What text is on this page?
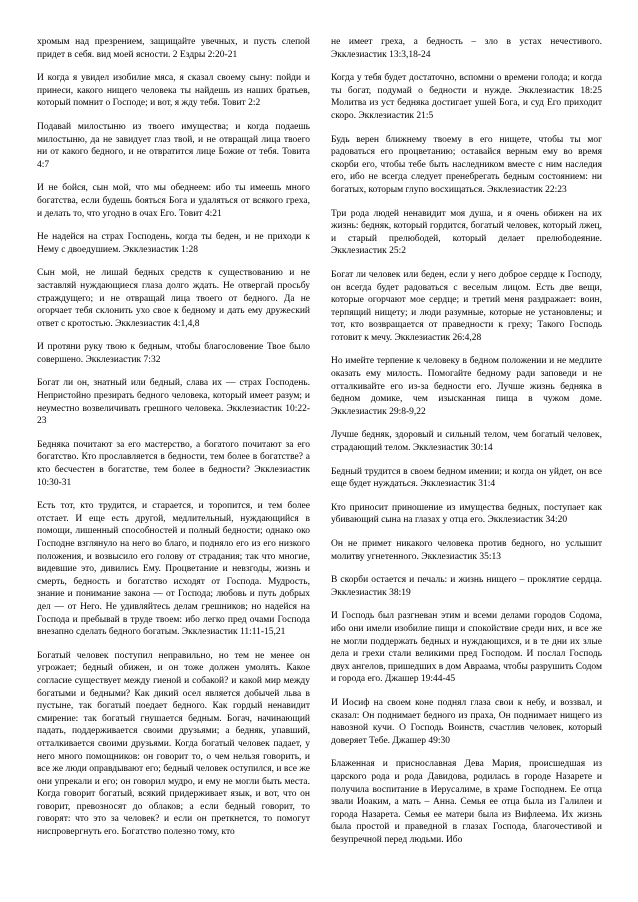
хромым над презрением, защищайте увечных, и пусть слепой придет в себя. вид моей ясности. 2 Ездры 2:20-21

И когда я увидел изобилие мяса, я сказал своему сыну: пойди и принеси, какого нищего человека ты найдешь из наших братьев, который помнит о Господе; и вот, я жду тебя. Товит 2:2

Подавай милостыню из твоего имущества; и когда подаешь милостыню, да не завидует глаз твой, и не отвращай лица твоего ни от какого бедного, и не отвратится лице Божие от тебя. Товита 4:7

И не бойся, сын мой, что мы обеднеем: ибо ты имеешь много богатства, если будешь бояться Бога и удаляться от всякого греха, и делать то, что угодно в очах Его. Товит 4:21

Не надейся на страх Господень, когда ты беден, и не приходи к Нему с двоедушием. Экклезиастик 1:28

Сын мой, не лишай бедных средств к существованию и не заставляй нуждающиеся глаза долго ждать. Не отвергай просьбу страждущего; и не отвращай лица твоего от бедного. Да не огорчает тебя склонить ухо свое к бедному и дать ему дружеский ответ с кротостью. Экклезиастик 4:1,4,8

И протяни руку твою к бедным, чтобы благословение Твое было совершено. Экклезиастик 7:32

Богат ли он, знатный или бедный, слава их — страх Господень. Непристойно презирать бедного человека, который имеет разум; и неуместно возвеличивать грешного человека. Экклезиастик 10:22-23

Бедняка почитают за его мастерство, а богатого почитают за его богатство. Кто прославляется в бедности, тем более в богатстве? а кто бесчестен в богатстве, тем более в бедности? Экклезиастик 10:30-31

Есть тот, кто трудится, и старается, и торопится, и тем более отстает. И еще есть другой, медлительный, нуждающийся в помощи, лишенный способностей и полный бедности; однако око Господне взглянуло на него во благо, и подняло его из его низкого положения, и возвысило его голову от страдания; так что многие, видевшие это, дивились Ему. Процветание и невзгоды, жизнь и смерть, бедность и богатство исходят от Господа. Мудрость, знание и понимание закона — от Господа; любовь и путь добрых дел — от Него. Не удивляйтесь делам грешников; но надейся на Господа и пребывай в труде твоем: ибо легко пред очами Господа внезапно сделать бедного богатым. Экклезиастик 11:11-15,21

Богатый человек поступил неправильно, но тем не менее он угрожает; бедный обижен, и он тоже должен умолять. Какое согласие существует между гиеной и собакой? и какой мир между богатыми и бедными? Как дикий осел является добычей льва в пустыне, так богатый поедает бедного. Как гордый ненавидит смирение: так богатый гнушается бедным. Богач, начинающий падать, поддерживается своими друзьями; а бедняк, упавший, отталкивается своими друзьями. Когда богатый человек падает, у него много помощников: он говорит то, о чем нельзя говорить, и все же люди оправдывают его; бедный человек оступился, и все же они упрекали и его; он говорил мудро, и ему не могли быть места. Когда говорит богатый, всякий придерживает язык, и вот, что он говорит, превозносят до облаков; а если бедный говорит, то говорят: что это за человек? и если он преткнется, то помогут ниспровергнуть его. Богатство полезно тому, кто

не имеет греха, а бедность – зло в устах нечестивого. Экклезиастик 13:3,18-24

Когда у тебя будет достаточно, вспомни о времени голода; и когда ты богат, подумай о бедности и нужде. Экклезиастик 18:25 Молитва из уст бедняка достигает ушей Бога, и суд Его приходит скоро. Экклезиастик 21:5

Будь верен ближнему твоему в его нищете, чтобы ты мог радоваться его процветанию; оставайся верным ему во время скорби его, чтобы тебе быть наследником вместе с ним наследия его, ибо не всегда следует пренебрегать бедным состоянием: ни богатых, которым глупо восхищаться. Экклезиастик 22:23

Три рода людей ненавидит моя душа, и я очень обижен на их жизнь: бедняк, который гордится, богатый человек, который лжец, и старый прелюбодей, который делает прелюбодеяние. Экклезиастик 25:2

Богат ли человек или беден, если у него доброе сердце к Господу, он всегда будет радоваться с веселым лицом. Есть две вещи, которые огорчают мое сердце; и третий меня раздражает: воин, терпящий нищету; и люди разумные, которые не установлены; и тот, кто возвращается от праведности к греху; Такого Господь готовит к мечу. Экклезиастик 26:4,28

Но имейте терпение к человеку в бедном положении и не медлите оказать ему милость. Помогайте бедному ради заповеди и не отталкивайте его из-за бедности его. Лучше жизнь бедняка в бедном домике, чем изысканная пища в чужом доме. Экклезиастик 29:8-9,22

Лучше бедняк, здоровый и сильный телом, чем богатый человек, страдающий телом. Экклезиастик 30:14

Бедный трудится в своем бедном имении; и когда он уйдет, он все еще будет нуждаться. Экклезиастик 31:4

Кто приносит приношение из имущества бедных, поступает как убивающий сына на глазах у отца его. Экклезиастик 34:20

Он не примет никакого человека против бедного, но услышит молитву угнетенного. Экклезиастик 35:13

В скорби остается и печаль: и жизнь нищего – проклятие сердца. Экклезиастик 38:19

И Господь был разгневан этим и всеми делами городов Содома, ибо они имели изобилие пищи и спокойствие среди них, и все же не могли поддержать бедных и нуждающихся, и в те дни их злые дела и грехи стали великими пред Господом. И послал Господь двух ангелов, пришедших в дом Авраама, чтобы разрушить Содом и города его. Джашер 19:44-45

И Иосиф на своем коне поднял глаза свои к небу, и воззвал, и сказал: Он поднимает бедного из праха, Он поднимает нищего из навозной кучи. О Господь Воинств, счастлив человек, который доверяет Тебе. Джашер 49:30

Блаженная и приснославная Дева Мария, происшедшая из царского рода и рода Давидова, родилась в городе Назарете и получила воспитание в Иерусалиме, в храме Господнем. Ее отца звали Иоаким, а мать – Анна. Семья ее отца была из Галилеи и города Назарета. Семья ее матери была из Вифлеема. Их жизнь была простой и праведной в глазах Господа, благочестивой и безупречной перед людьми. Ибо
